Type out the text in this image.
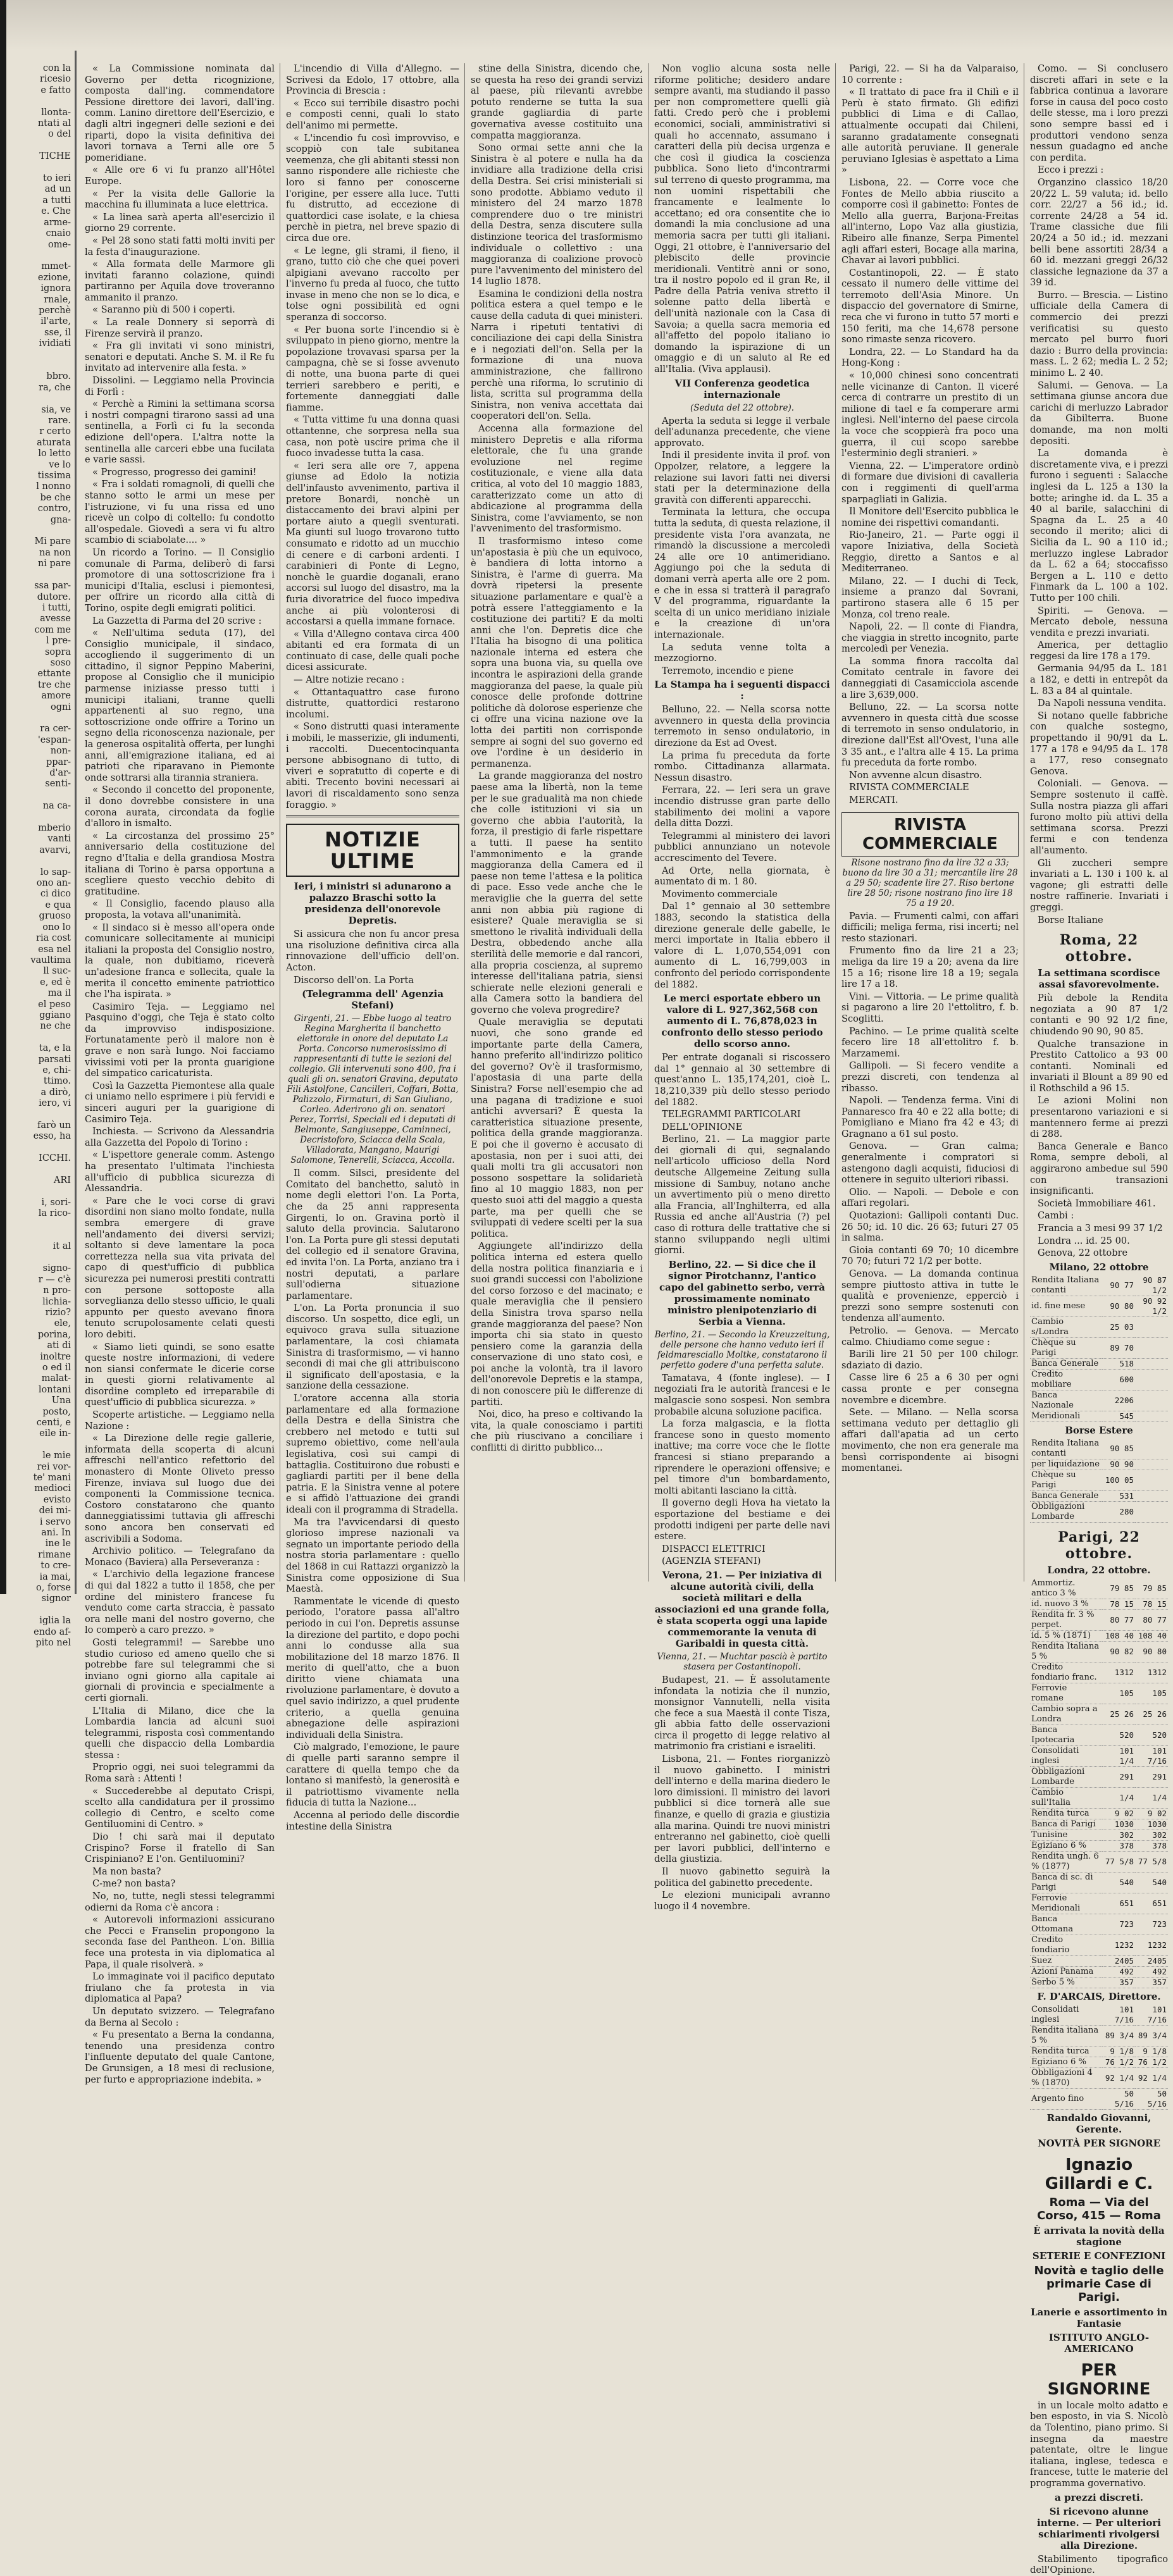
con la
ricesio
e fatto

llonta-
ntati al
o del

TICHE

to ieri
ad un
a tutti
e. Che
arme-
cnaio
ome-

mmet-
ezione,
ignora
rnale,
perchè
il'arte,
sse, il
ividiati

bbro.
ra, che

sia, ve
rare.
r certo
aturata
lo letto
ve lo
tissima
l nonno
be che
contro,
gna-

Mi pare
na non
ni pare

ssa par-
dutore.
i tutti,
avesse
com me
l pre-
sopra
soso
ettante
tre che
amore
ogni

ra cer-
'espan-
non-
ppar-
d'ar-
senti-

na ca-

mberio
vanti
avarvi,

lo sap-
ono an-
ci dico
e qua
gruoso
ono lo
ria cost
esa nel
vaultima
ll suc-
e, ed è
ma il
el peso
ggiano
ne che

ta, e la
parsati
e, chi-
ttimo.
a dirò,
iero, vi

farò un
esso, ha

ICCHI.

ARI

i, sori-
la rico-

it al

signo-
r — c'è
n pro-
lichia-
rizio?
ele,
porina,
ati di
inoltre
o ed il
malat-
lontani
Una
posto,
centi, e
eile in-

le mie
rei vor-
te' mani
medioci
evisto
dei mi-
i servo
ani. In
ine le
rimane
to cre-
ia mai,
o, forse
signor

iglia la
endo af-
pito nel

« La Commissione nominata dal Governo per detta ricognizione, composta dall'ing. commendatore Pessione direttore dei lavori, dall'ing. comm. Lanino direttore dell'Esercizio, e dagli altri ingegneri delle sezioni e dei riparti, dopo la visita definitiva dei lavori tornava a Terni alle ore 5 pomeridiane.

« Alle ore 6 vi fu pranzo all'Hôtel Europe.

« Per la visita delle Gallorie la macchina fu illuminata a luce elettrica.

« La linea sarà aperta all'esercizio il giorno 29 corrente.

« Pel 28 sono stati fatti molti inviti per la festa d'inaugurazione.

« Alla formata delle Marmore gli invitati faranno colazione, quindi partiranno per Aquila dove troveranno ammanito il pranzo.

« Saranno più di 500 i coperti.

« La reale Donnery si seporrà di Firenze servirà il pranzo.

« Fra gli invitati vi sono ministri, senatori e deputati. Anche S. M. il Re fu invitato ad intervenire alla festa. »

Dissolini. — Leggiamo nella Provincia di Forlì :

« Perchè a Rimini la settimana scorsa i nostri compagni tirarono sassi ad una sentinella, a Forlì ci fu la seconda edizione dell'opera. L'altra notte la sentinella alle carceri ebbe una fucilata e varie sassi.

« Progresso, progresso dei gamini!

« Fra i soldati romagnoli, di quelli che stanno sotto le armi un mese per l'istruzione, vi fu una rissa ed uno ricevè un colpo di coltello: fu condotto all'ospedale. Giovedì a sera vi fu altro scambio di sciabolate.... »

Un ricordo a Torino. — Il Consiglio comunale di Parma, deliberò di farsi promotore di una sottoscrizione fra i municipi d'Italia, esclusi i piemontesi, per offrire un ricordo alla città di Torino, ospite degli emigrati politici.

La Gazzetta di Parma del 20 scrive :

« Nell'ultima seduta (17), del Consiglio municipale, il sindaco, accogliendo il suggerimento di un cittadino, il signor Peppino Maberini, propose al Consiglio che il municipio parmense iniziasse presso tutti i municipi italiani, tranne quelli appartenenti al suo regno, una sottoscrizione onde offrire a Torino un segno della riconoscenza nazionale, per la generosa ospitalità offerta, per lunghi anni, all'emigrazione italiana, ed ai patrioti che riparavano in Piemonte onde sottrarsi alla tirannia straniera.

« Secondo il concetto del proponente, il dono dovrebbe consistere in una corona aurata, circondata da foglie d'alloro in ismalto.

« La circostanza del prossimo 25° anniversario della costituzione del regno d'Italia e della grandiosa Mostra italiana di Torino è parsa opportuna a scegliere questo vecchio debito di gratitudine.

« Il Consiglio, facendo plauso alla proposta, la votava all'unanimità.

« Il sindaco si è messo all'opera onde comunicare sollecitamente ai municipi italiani la proposta del Consiglio nostro, la quale, non dubitiamo, riceverà un'adesione franca e sollecita, quale la merita il concetto eminente patriottico che l'ha ispirata. »

Casimiro Teja. — Leggiamo nel Pasquino d'oggi, che Teja è stato colto da improvviso indisposizione. Fortunatamente però il malore non è grave e non sarà lungo. Noi facciamo vivissimi voti per la pronta guarigione del simpatico caricaturista.

Così la Gazzetta Piemontese alla quale ci uniamo nello esprimere i più fervidi e sinceri auguri per la guarigione di Casimiro Teja.

Inchiesta. — Scrivono da Alessandria alla Gazzetta del Popolo di Torino :

« L'ispettore generale comm. Astengo ha presentato l'ultimata l'inchiesta all'ufficio di pubblica sicurezza di Alessandria.

« Pare che le voci corse di gravi disordini non siano molto fondate, nulla sembra emergere di grave nell'andamento dei diversi servizi; soltanto si deve lamentare la poca correttezza nella sua vita privata del capo di quest'ufficio di pubblica sicurezza pei numerosi prestiti contratti con persone sottoposte alla sorveglianza dello stesso ufficio, le quali appunto per questo avevano finora tenuto scrupolosamente celati questi loro debiti.

« Siamo lieti quindi, se sono esatte queste nostre informazioni, di vedere non siansi confermate le dicerie corse in questi giorni relativamente al disordine completo ed irreparabile di quest'ufficio di pubblica sicurezza. »

Scoperte artistiche. — Leggiamo nella Nazione :

« La Direzione delle regie gallerie, informata della scoperta di alcuni affreschi nell'antico refettorio del monastero di Monte Oliveto presso Firenze, inviava sul luogo due dei componenti la Commissione tecnica. Costoro constatarono che quanto danneggiatissimi tuttavia gli affreschi sono ancora ben conservati ed ascrivibili a Sodoma.

Archivio politico. — Telegrafano da Monaco (Baviera) alla Perseveranza :

« L'archivio della legazione francese di qui dal 1822 a tutto il 1858, che per ordine del ministero francese fu venduto come carta straccia, è passato ora nelle mani del nostro governo, che lo comperò a caro prezzo. »

Gosti telegrammi! — Sarebbe uno studio curioso ed ameno quello che si potrebbe fare sul telegrammi che si inviano ogni giorno alla capitale ai giornali di provincia e specialmente a certi giornali.

L'Italia di Milano, dice che la Lombardia lancia ad alcuni suoi telegrammi, risposta così commentando quelli che dispaccio della Lombardia stessa :

Proprio oggi, nei suoi telegrammi da Roma sarà : Attenti !

« Succederebbe al deputato Crispi, scelto alla candidatura per il prossimo collegio di Centro, e scelto come Gentiluomini di Centro. »

Dio ! chi sarà mai il deputato Crispino? Forse il fratello di San Crispiniano? E l'on. Gentiluomini?

Ma non basta?

C-me? non basta?

No, no, tutte, negli stessi telegrammi odierni da Roma c'è ancora :

« Autorevoli informazioni assicurano che Pecci e Franselin propongono la seconda fase del Pantheon. L'on. Billia fece una protesta in via diplomatica al Papa, il quale risolverà. »

Lo immaginate voi il pacifico deputato friulano che fa protesta in via diplomatica al Papa?

Un deputato svizzero. — Telegrafano da Berna al Secolo :

« Fu presentato a Berna la condanna, tenendo una presidenza contro l'influente deputato del quale Cantone, De Grunsigen, a 18 mesi di reclusione, per furto e appropriazione indebita. »

L'incendio di Villa d'Allegno. — Scrivesi da Edolo, 17 ottobre, alla Provincia di Brescia :

« Ecco sui terribile disastro pochi e composti cenni, quali lo stato dell'animo mi permette.

« L'incendio fu così improvviso, e scoppiò con tale subitanea veemenza, che gli abitanti stessi non sanno rispondere alle richieste che loro si fanno per conoscerne l'origine, per essere alla luce. Tutti fu distrutto, ad eccezione di quattordici case isolate, e la chiesa perchè in pietra, nel breve spazio di circa due ore.

« Le legne, gli strami, il fieno, il grano, tutto ciò che che quei poveri alpigiani avevano raccolto per l'inverno fu preda al fuoco, che tutto invase in meno che non se lo dica, e tolse ogni possibilità ed ogni speranza di soccorso.

« Per buona sorte l'incendio si è sviluppato in pieno giorno, mentre la popolazione trovavasi sparsa per la campagna, chè se si fosse avvenuto di notte, una buona parte di quei terrieri sarebbero e periti, e fortemente danneggiati dalle fiamme.

« Tutta vittime fu una donna quasi ottantenne, che sorpresa nella sua casa, non potè uscire prima che il fuoco invadesse tutta la casa.

« Ieri sera alle ore 7, appena giunse ad Edolo la notizia dell'infausto avvenimento, partiva il pretore Bonardi, nonchè un distaccamento dei bravi alpini per portare aiuto a quegli sventurati. Ma giunti sul luogo trovarono tutto consumato e ridotto ad un mucchio di cenere e di carboni ardenti. I carabinieri di Ponte di Legno, nonchè le guardie doganali, erano accorsi sul luogo del disastro, ma la furia divoratrice del fuoco impediva anche ai più volonterosi di accostarsi a quella immane fornace.

« Villa d'Allegno contava circa 400 abitanti ed era formata di un continuato di case, delle quali poche dicesi assicurate.

— Altre notizie recano :

« Ottantaquattro case furono distrutte, quattordici restarono incolumi.

« Sono distrutti quasi interamente i mobili, le masserizie, gli indumenti, i raccolti. Duecentocinquanta persone abbisognano di tutto, di viveri e sopratutto di coperte e di abiti. Trecento bovini necessari ai lavori di riscaldamento sono senza foraggio. »

NOTIZIE ULTIME
Ieri, i ministri si adunarono a palazzo Braschi sotto la presidenza dell'onorevole Depretis.

Si assicura che non fu ancor presa una risoluzione definitiva circa alla rinnovazione dell'ufficio dell'on. Acton.

Discorso dell'on. La Porta

(Telegramma dell' Agenzia Stefani)
Girgenti, 21. — Ebbe luogo al teatro Regina Margherita il banchetto elettorale in onore del deputato La Porta. Concorso numerosissimo di rappresentanti di tutte le sezioni del collegio. Gli intervenuti sono 400, fra i quali gli on. senatori Gravina, deputato Fili Astolfone, Cancilleri, Coffari, Botta, Palizzolo, Firmaturi, di San Giuliano, Corleo. Aderirono gli on. senatori Perez, Torrisi, Speciali ed i deputati di Belmonte, Sangiuseppe, Caminneci, Decristoforo, Sciacca della Scala, Villadorata, Mangano, Maurigi Salomone, Tenerelli, Sciacca, Accolla.

Il comm. Silsci, presidente del Comitato del banchetto, salutò in nome degli elettori l'on. La Porta, che da 25 anni rappresenta Girgenti, lo on. Gravina portò il saluto della provincia. Salutarono l'on. La Porta pure gli stessi deputati del collegio ed il senatore Gravina, ed invita l'on. La Porta, anziano tra i nostri deputati, a parlare sull'odierna situazione parlamentare.

L'on. La Porta pronuncia il suo discorso. Un sospetto, dice egli, un equivoco grava sulla situazione parlamentare, la così chiamata Sinistra di trasformismo, — vi hanno secondi di mai che gli attribuiscono il significato dell'apostasia, e la sanzione della cessazione.

L'oratore accenna alla storia parlamentare ed alla formazione della Destra e della Sinistra che crebbero nel metodo e tutti sul supremo obiettivo, come nell'aula legislativa, così sui campi di battaglia. Costituirono due robusti e gagliardi partiti per il bene della patria. E la Sinistra venne al potere e si affidò l'attuazione dei grandi ideali con il programma di Stradella.

Ma tra l'avvicendarsi di questo glorioso imprese nazionali va segnato un importante periodo della nostra storia parlamentare : quello del 1868 in cui Rattazzi organizzò la Sinistra come opposizione di Sua Maestà.

Rammentate le vicende di questo periodo, l'oratore passa all'altro periodo in cui l'on. Depretis assunse la direzione del partito, e dopo pochi anni lo condusse alla sua mobilitazione del 18 marzo 1876. Il merito di quell'atto, che a buon diritto viene chiamata una rivoluzione parlamentare, è dovuto a quel savio indirizzo, a quel prudente criterio, a quella genuina abnegazione delle aspirazioni individuali della Sinistra.

Ciò malgrado, l'emozione, le paure di quelle parti saranno sempre il carattere di quella tempo che da lontano si manifestò, la generosità e il patriottismo vivamente nella fiducia di tutta la Nazione...

Accenna al periodo delle discordie intestine della Sinistra

stine della Sinistra, dicendo che, se questa ha reso dei grandi servizi al paese, più rilevanti avrebbe potuto renderne se tutta la sua grande gagliardia di parte governativa avesse costituito una compatta maggioranza.

Sono ormai sette anni che la Sinistra è al potere e nulla ha da invidiare alla tradizione della crisi della Destra. Sei crisi ministeriali si sono prodotte. Abbiamo veduto il ministero del 24 marzo 1878 comprendere duo o tre ministri della Destra, senza discutere sulla distinzione teorica del trasformismo individuale o collettivo : una maggioranza di coalizione provocò pure l'avvenimento del ministero del 14 luglio 1878.

Esamina le condizioni della nostra politica estera a quel tempo e le cause della caduta di quei ministeri. Narra i ripetuti tentativi di conciliazione dei capi della Sinistra e i negoziati dell'on. Sella per la formazione di una nuova amministrazione, che fallirono perchè una riforma, lo scrutinio di lista, scritta sul programma della Sinistra, non veniva accettata dai cooperatori dell'on. Sella.

Accenna alla formazione del ministero Depretis e alla riforma elettorale, che fu una grande evoluzione nel regime costituzionale, e viene alla data critica, al voto del 10 maggio 1883, caratterizzato come un atto di abdicazione al programma della Sinistra, come l'avviamento, se non l'avvenimento del trasformismo.

Il trasformismo inteso come un'apostasia è più che un equivoco, è bandiera di lotta intorno a Sinistra, è l'arme di guerra. Ma dovrà ripetersi la presente situazione parlamentare e qual'è a potrà essere l'atteggiamento e la costituzione dei partiti? E da molti anni che l'on. Depretis dice che l'Italia ha bisogno di una politica nazionale interna ed estera che sopra una buona via, su quella ove incontra le aspirazioni della grande maggioranza del paese, la quale più conosce delle profonde dottrine politiche dà dolorose esperienze che ci offre una vicina nazione ove la lotta dei partiti non corrisponde sempre ai sogni del suo governo ed ove l'ordine è un desiderio in permanenza.

La grande maggioranza del nostro paese ama la libertà, non la teme per le sue gradualità ma non chiede che colle istituzioni vi sia un governo che abbia l'autorità, la forza, il prestigio di farle rispettare a tutti. Il paese ha sentito l'ammonimento e la grande maggioranza della Camera ed il paese non teme l'attesa e la politica di pace. Esso vede anche che le meraviglie che la guerra del sette anni non abbia più ragione di esistere? Quale meraviglia se si smettono le rivalità individuali della Destra, obbedendo anche alla sterilità delle memorie e dal rancori, alla propria coscienza, al supremo interesse dell'italiana patria, siensi schierate nelle elezioni generali e alla Camera sotto la bandiera del governo che voleva progredire?

Quale meraviglia se deputati nuovi, che sono grande ed importante parte della Camera, hanno preferito all'indirizzo politico del governo? Ov'è il trasformismo, l'apostasia di una parte della Sinistra? Forse nell'esempio che ad una pagana di tradizione e suoi antichi avversari? È questa la caratteristica situazione presente, politica della grande maggioranza. E poi che il governo è accusato di apostasia, non per i suoi atti, dei quali molti tra gli accusatori non possono sospettare la solidarietà fino al 10 maggio 1883, non per questo suoi atti del maggio a questa parte, ma per quelli che se sviluppati di vedere scelti per la sua politica.

Aggiungete all'indirizzo della politica interna ed estera quello della nostra politica finanziaria e i suoi grandi successi con l'abolizione del corso forzoso e del macinato; e quale meraviglia che il pensiero della Sinistra trova sparso nella grande maggioranza del paese? Non importa chi sia stato in questo pensiero come la garanzia della conservazione di uno stato così, e poi anche la volontà, tra il lavoro dell'onorevole Depretis e la stampa, di non conoscere più le differenze di partiti.

Noi, dico, ha preso e coltivando la vita, la quale conosciamo i partiti che più riuscivano a conciliare i conflitti di diritto pubblico...

Non voglio alcuna sosta nelle riforme politiche; desidero andare sempre avanti, ma studiando il passo per non compromettere quelli già fatti. Credo però che i problemi economici, sociali, amministrativi si quali ho accennato, assumano i caratteri della più decisa urgenza e che così il giudica la coscienza pubblica. Sono lieto d'incontrarmi sul terreno di questo programma, ma non uomini rispettabili che francamente e lealmente lo accettano; ed ora consentite che io domandi la mia conclusione ad una memoria sacra per tutti gli italiani. Oggi, 21 ottobre, è l'anniversario del plebiscito delle provincie meridionali. Ventitrè anni or sono, tra il nostro popolo ed il gran Re, il Padre della Patria veniva stretto il solenne patto della libertà e dell'unità nazionale con la Casa di Savoia; a quella sacra memoria ed all'affetto del popolo italiano io domando la ispirazione di un omaggio e di un saluto al Re ed all'Italia. (Viva applausi).

VII Conferenza geodetica internazionale
(Seduta del 22 ottobre).

Aperta la seduta si legge il verbale dell'adunanza precedente, che viene approvato.

Indi il presidente invita il prof. von Oppolzer, relatore, a leggere la relazione sui lavori fatti nei diversi stati per la determinazione della gravità con differenti apparecchi.

Terminata la lettura, che occupa tutta la seduta, di questa relazione, il presidente vista l'ora avanzata, ne rimandò la discussione a mercoledì 24 alle ore 10 antimeridiano. Aggiungo poi che la seduta di domani verrà aperta alle ore 2 pom. e che in essa si tratterà il paragrafo V del programma, riguardante la scelta di un unico meridiano iniziale e la creazione di un'ora internazionale.

La seduta venne tolta a mezzogiorno.

Terremoto, incendio e piene

La Stampa ha i seguenti dispacci :

Belluno, 22. — Nella scorsa notte avvennero in questa della provincia terremoto in senso ondulatorio, in direzione da Est ad Ovest.

La prima fu preceduta da forte rombo. Cittadinanza allarmata. Nessun disastro.

Ferrara, 22. — Ieri sera un grave incendio distrusse gran parte dello stabilimento dei molini a vapore della ditta Dozzi.

Telegrammi al ministero dei lavori pubblici annunziano un notevole accrescimento del Tevere.

Ad Orte, nella giornata, è aumentato di m. 1 80.

Movimento commerciale

Dal 1° gennaio al 30 settembre 1883, secondo la statistica della direzione generale delle gabelle, le merci importate in Italia ebbero il valore di L. 1,070,554,091 con aumento di L. 16,799,003 in confronto del periodo corrispondente del 1882.

Le merci esportate ebbero un valore di L. 927,362,568 con aumento di L. 76,878,023 in confronto dello stesso periodo dello scorso anno.

Per entrate doganali si riscossero dal 1° gennaio al 30 settembre di quest'anno L. 135,174,201, cioè L. 18,210,339 più dello stesso periodo del 1882.

TELEGRAMMI PARTICOLARI

DELL'OPINIONE

Berlino, 21. — La maggior parte dei giornali di qui, segnalando nell'articolo ufficioso della Nord deutsche Allgemeine Zeitung sulla missione di Sambuy, notano anche un avvertimento più o meno diretto alla Francia, all'Inghilterra, ed alla Russia ed anche all'Austria (?) pel caso di rottura delle trattative che si stanno sviluppando negli ultimi giorni.

Berlino, 22. — Si dice che il signor Pirotchannz, l'antico capo del gabinetto serbo, verrà prossimamente nominato ministro plenipotenziario di Serbia a Vienna.
Berlino, 21. — Secondo la Kreuzzeitung, delle persone che hanno veduto ieri il feldmaresciallo Moltke, constatarono il perfetto godere d'una perfetta salute.

Tamatava, 4 (fonte inglese). — I negoziati fra le autorità francesi e le malgascie sono sospesi. Non sembra probabile alcuna soluzione pacifica.

La forza malgascia, e la flotta francese sono in questo momento inattive; ma corre voce che le flotte francesi si stiano preparando a riprendere le operazioni offensive; e pel timore d'un bombardamento, molti abitanti lasciano la città.

Il governo degli Hova ha vietato la esportazione del bestiame e dei prodotti indigeni per parte delle navi estere.

DISPACCI ELETTRICI

(AGENZIA STEFANI)

Verona, 21. — Per iniziativa di alcune autorità civili, della società militari e della associazioni ed una grande folla, è stata scoperta oggi una lapide commemorante la venuta di Garibaldi in questa città.
Vienna, 21. — Muchtar pascià è partito stasera per Costantinopoli.

Budapest, 21. — È assolutamente infondata la notizia che il nunzio, monsignor Vannutelli, nella visita che fece a sua Maestà il conte Tisza, gli abbia fatto delle osservazioni circa il progetto di legge relativo al matrimonio fra cristiani e israeliti.

Lisbona, 21. — Fontes riorganizzò il nuovo gabinetto. I ministri dell'interno e della marina diedero le loro dimissioni. Il ministro dei lavori pubblici si dice tornerà alle sue finanze, e quello di grazia e giustizia alla marina. Quindi tre nuovi ministri entreranno nel gabinetto, cioè quelli per lavori pubblici, dell'interno e della giustizia.

Il nuovo gabinetto seguirà la politica del gabinetto precedente.

Le elezioni municipali avranno luogo il 4 novembre.

Parigi, 22. — Si ha da Valparaiso, 10 corrente :

« Il trattato di pace fra il Chilì e il Perù è stato firmato. Gli edifizi pubblici di Lima e di Callao, attualmente occupati dai Chileni, saranno gradatamente consegnati alle autorità peruviane. Il generale peruviano Iglesias è aspettato a Lima »

Lisbona, 22. — Corre voce che Fontes de Mello abbia riuscito a comporre così il gabinetto: Fontes de Mello alla guerra, Barjona-Freitas all'interno, Lopo Vaz alla giustizia, Ribeiro alle finanze, Serpa Pimentel agli affari esteri, Bocage alla marina, Chavar ai lavori pubblici.

Costantinopoli, 22. — È stato cessato il numero delle vittime del terremoto dell'Asia Minore. Un dispaccio del governatore di Smirne, reca che vi furono in tutto 57 morti e 150 feriti, ma che 14,678 persone sono rimaste senza ricovero.

Londra, 22. — Lo Standard ha da Hong-Kong :

« 10,000 chinesi sono concentrati nelle vicinanze di Canton. Il viceré cerca di contrarre un prestito di un milione di tael e fa comperare armi inglesi. Nell'interno del paese circola la voce che scoppierà fra poco una guerra, il cui scopo sarebbe l'esterminio degli stranieri. »

Vienna, 22. — L'imperatore ordinò di formare due divisioni di cavalleria con i reggimenti di quell'arma sparpagliati in Galizia.

Il Monitore dell'Esercito pubblica le nomine dei rispettivi comandanti.

Rio-Janeiro, 21. — Parte oggi il vapore Iniziativa, della Società Reggio, diretto a Santos e al Mediterraneo.

Milano, 22. — I duchi di Teck, insieme a pranzo dal Sovrani, partirono stasera alle 6 15 per Monza, col treno reale.

Napoli, 22. — Il conte di Fiandra, che viaggia in stretto incognito, parte mercoledì per Venezia.

La somma finora raccolta dal Comitato centrale in favore dei danneggiati di Casamicciola ascende a lire 3,639,000.

Belluno, 22. — La scorsa notte avvennero in questa città due scosse di terremoto in senso ondulatorio, in direzione dall'Est all'Ovest, l'una alle 3 35 ant., e l'altra alle 4 15. La prima fu preceduta da forte rombo.

Non avvenne alcun disastro.

RIVISTA COMMERCIALE

MERCATI.

RIVISTA COMMERCIALE
Risone nostrano fino da lire 32 a 33; buono da lire 30 a 31; mercantile lire 28 a 29 50; scadente lire 27. Riso bertone lire 28 50; risone nostrano fino lire 18 75 a 19 20.

Pavia. — Frumenti calmi, con affari difficili; meliga ferma, risi incerti; nel resto stazionari.

Frumento fino da lire 21 a 23; meliga da lire 19 a 20; avena da lire 15 a 16; risone lire 18 a 19; segala lire 17 a 18.

Vini. — Vittoria. — Le prime qualità si pagarono a lire 20 l'ettolitro, f. b. Scoglitti.

Pachino. — Le prime qualità scelte fecero lire 18 all'ettolitro f. b. Marzamemi.

Gallipoli. — Si fecero vendite a prezzi discreti, con tendenza al ribasso.

Napoli. — Tendenza ferma. Vini di Pannaresco fra 40 e 22 alla botte; di Pomigliano e Miano fra 42 e 43; di Gragnano a 61 sul posto.

Genova. — Gran calma; generalmente i compratori si astengono dagli acquisti, fiduciosi di ottenere in seguito ulteriori ribassi.

Olio. — Napoli. — Debole e con affari regolari.

Quotazioni: Gallipoli contanti Duc. 26 50; id. 10 dic. 26 63; futuri 27 05 in salma.

Gioia contanti 69 70; 10 dicembre 70 70; futuri 72 1/2 per botte.

Genova. — La domanda continua sempre piuttosto attiva in tutte le qualità e provenienze, epperciò i prezzi sono sempre sostenuti con tendenza all'aumento.

Petrolio. — Genova. — Mercato calmo. Chiudiamo come segue :

Barili lire 21 50 per 100 chilogr. sdaziato di dazio.

Casse lire 6 25 a 6 30 per ogni cassa pronte e per consegna novembre e dicembre.

Sete. — Milano. — Nella scorsa settimana veduto per dettaglio gli affari dall'apatia ad un certo movimento, che non era generale ma bensì corrispondente ai bisogni momentanei.

Como. — Si conclusero discreti affari in sete e la fabbrica continua a lavorare forse in causa del poco costo delle stesse, ma i loro prezzi sono sempre bassi ed i produttori vendono senza nessun guadagno ed anche con perdita.

Ecco i prezzi :

Organzino classico 18/20 20/22 L. 59 valuta; id. bello corr. 22/27 a 56 id.; id. corrente 24/28 a 54 id. Trame classiche due fili 20/24 a 50 id.; id. mezzani belli bene assortiti 28/34 a 60 id. mezzani greggi 26/32 classiche legnazione da 37 a 39 id.

Burro. — Brescia. — Listino ufficiale della Camera di commercio dei prezzi verificatisi su questo mercato pel burro fuori dazio : Burro della provincia: mass. L. 2 62; media L. 2 52; minimo L. 2 40.

Salumi. — Genova. — La settimana giunse ancora due carichi di merluzzo Labrador da Gibilterra. Buone domande, ma non molti depositi.

La domanda è discretamente viva, e i prezzi furono i seguenti : Salacche inglesi da L. 125 a 130 la botte; aringhe id. da L. 35 a 40 al barile, salacchini di Spagna da L. 25 a 40 secondo il merito; alici di Sicilia da L. 90 a 110 id.; merluzzo inglese Labrador da L. 62 a 64; stoccafisso Bergen a L. 110 e detto Finmark da L. 100 a 102. Tutto per 100 chili.

Spiriti. — Genova. — Mercato debole, nessuna vendita e prezzi invariati.

America, per dettaglio reggesi da lire 178 a 179.

Germania 94/95 da L. 181 a 182, e detti in entrepôt da L. 83 a 84 al quintale.

Da Napoli nessuna vendita.

Si notano quelle fabbriche con qualche sostegno, propettando il 90/91 da L. 177 a 178 e 94/95 da L. 178 a 177, reso consegnato Genova.

Coloniali. — Genova. — Sempre sostenuto il caffè. Sulla nostra piazza gli affari furono molto più attivi della settimana scorsa. Prezzi fermi e con tendenza all'aumento.

Gli zuccheri sempre invariati a L. 130 i 100 k. al vagone; gli estratti delle nostre raffinerie. Invariati i greggi.

Borse Italiane

Roma, 22 ottobre.
La settimana scordisce assai sfavorevolmente.

Più debole la Rendita negoziata a 90 87 1/2 contanti e 90 92 1/2 fine, chiudendo 90 90, 90 85.

Qualche transazione in Prestito Cattolico a 93 00 contanti. Nominali ed invariati il Blount a 89 90 ed il Rothschild a 96 15.

Le azioni Molini non presentarono variazioni e si mantennero ferme ai prezzi di 288.

Banca Generale e Banco Roma, sempre deboli, al aggirarono ambedue sul 590 con transazioni insignificanti.

Società Immobiliare 461.

Cambi :

Francia a 3 mesi 99 37 1/2

Londra ... id. 25 00.

Genova, 22 ottobre

Milano, 22 ottobre
Rendita Italiana contanti	90 77	90 87 1/2
id. fine mese	90 80	90 92 1/2
Cambio s/Londra	25 03	
Chèque su Parigi	89 70	
Banca Generale	518	
Credito mobiliare	600	
Banca Nazionale	2206	
Meridionali	545	
Borse Estere
Rendita Italiana contanti	90 85	
per liquidazione	90 90	
Chèque su Parigi	100 05	
Banca Generale	531	
Obbligazioni Lombarde	280	
Parigi, 22 ottobre.
Londra, 22 ottobre.
Ammortiz. antico 3 %	79 85	79 85
id. nuovo 3 %	78 15	78 15
Rendita fr. 3 % perpet.	80 77	80 77
id. 5 % (1871)	108 40	108 40
Rendita Italiana 5 %	90 82	90 80
Credito fondiario franc.	1312	1312
Ferrovie romane	105	105
Cambio sopra a Londra	25 26	25 26
Banca Ipotecaria	520	520
Consolidati inglesi	101 1/4	101 7/16
Obbligazioni Lombarde	291	291
Cambio sull'Italia	1/4	1/4
Rendita turca	9 02	9 02
Banca di Parigi	1030	1030
Tunisine	302	302
Egiziano 6 %	378	378
Rendita ungh. 6 % (1877)	77 5/8	77 5/8
Banca di sc. di Parigi	540	540
Ferrovie Meridionali	651	651
Banca Ottomana	723	723
Credito fondiario	1232	1232
Suez	2405	2405
Azioni Panama	492	492
Serbo 5 %	357	357
F. D'ARCAIS, Direttore.
Consolidati inglesi	101 7/16	101 7/16
Rendita italiana 5 %	89 3/4	89 3/4
Rendita turca	9 1/8	9 1/8
Egiziano 6 %	76 1/2	76 1/2
Obbligazioni 4 % (1870)	92 1/4	92 1/4
Argento fino	50 5/16	50 5/16
Randaldo Giovanni, Gerente.
NOVITÀ PER SIGNORE
Ignazio Gillardi e C.
Roma — Via del Corso, 415 — Roma
È arrivata la novità della stagione
SETERIE E CONFEZIONI
Novità e taglio delle primarie Case di Parigi.
Lanerie e assortimento in Fantasie
ISTITUTO ANGLO-AMERICANO
PER SIGNORINE

in un locale molto adatto e ben esposto, in via S. Nicolò da Tolentino, piano primo. Si insegna da maestre patentate, oltre le lingue italiana, inglese, tedesca e francese, tutte le materie del programma governativo.

a prezzi discreti.
Si ricevono alunne interne. — Per ulteriori schiarimenti rivolgersi alla Direzione.

Stabilimento tipografico dell'Opinione.
